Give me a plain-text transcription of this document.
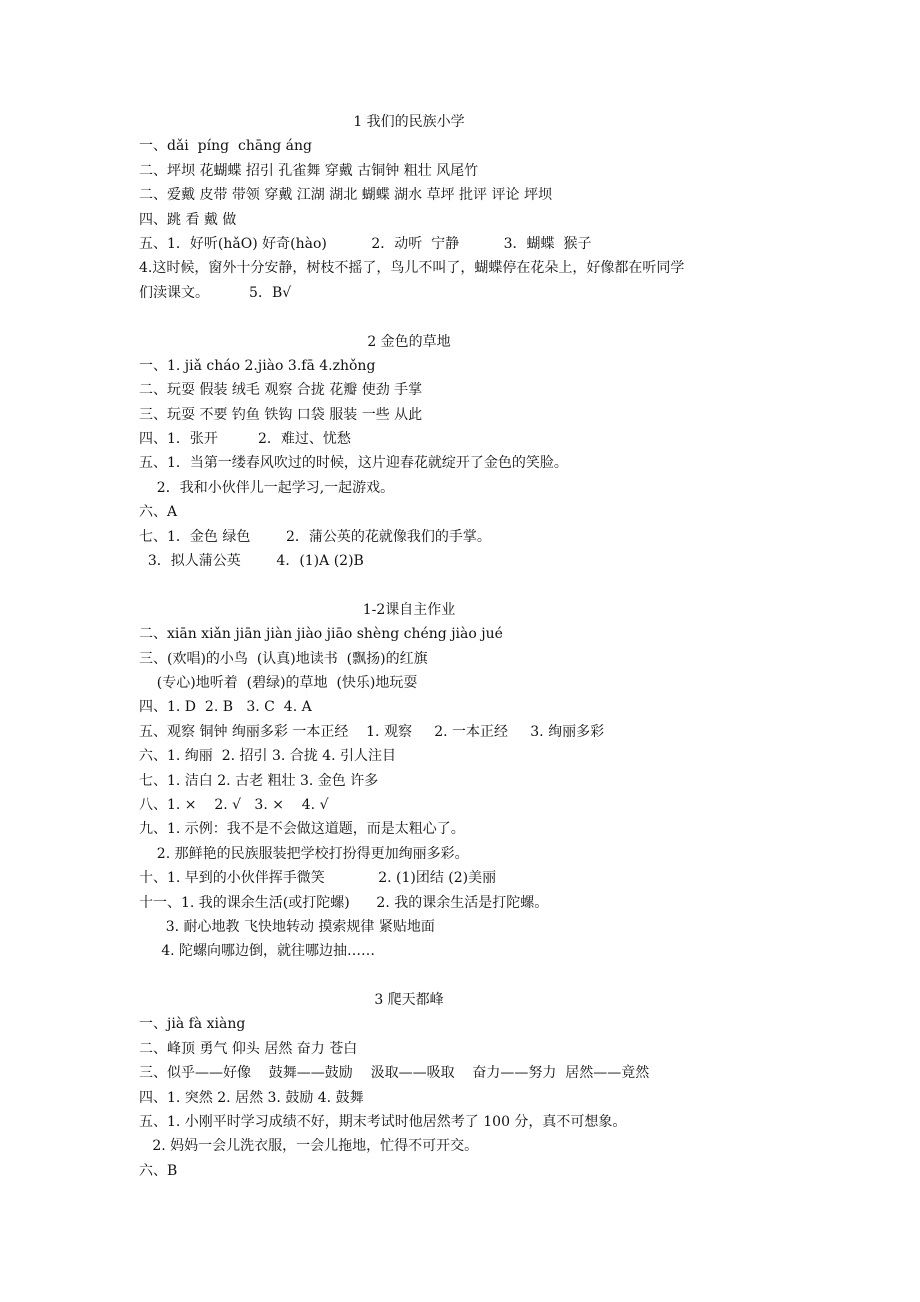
1 我们的民族小学
一、dǎi  píng  chāng áng
二、坪坝 花蝴蝶 招引 孔雀舞 穿戴 古铜钟 粗壮 风尾竹
二、爱戴 皮带 带领 穿戴 江湖 湖北 蝴蝶 湖水 草坪 批评 评论 坪坝
四、跳 看 戴 做
五、1．好听(hǎO) 好奇(hào)          2．动听  宁静          3．蝴蝶  猴子
4.这时候，窗外十分安静，树枝不摇了，鸟儿不叫了，蝴蝶停在花朵上，好像都在听同学
们渎课文。         5．B√
2 金色的草地
一、1. jiǎ cháo 2.jiào 3.fā 4.zhǒng
二、玩耍 假装 绒毛 观察 合拢 花瓣 使劲 手掌
三、玩耍 不要 钓鱼 铁钩 口袋 服装 一些 从此
四、1．张开         2．难过、忧愁
五、1．当第一缕春风吹过的时候，这片迎春花就绽开了金色的笑脸。
2．我和小伙伴儿一起学习,一起游戏。
六、A
七、1．金色 绿色        2．蒲公英的花就像我们的手掌。
3．拟人蒲公英        4．(1)A (2)B
1-2课自主作业
二、xiān xiǎn jiān jiàn jiào jiāo shèng chéng jiào jué
三、(欢唱)的小鸟  (认真)地读书  (飘扬)的红旗
(专心)地听着  (碧绿)的草地  (快乐)地玩耍
四、1. D  2. B   3. C  4. A
五、观察 铜钟 绚丽多彩 一本正经    1. 观察     2. 一本正经     3. 绚丽多彩
六、1. 绚丽  2. 招引 3. 合拢 4. 引人注目
七、1. 洁白 2. 古老 粗壮 3. 金色 许多
八、1. ×    2. √   3. ×    4. √
九、1. 示例：我不是不会做这道题，而是太粗心了。
2. 那鲜艳的民族服装把学校打扮得更加绚丽多彩。
十、1. 早到的小伙伴挥手微笑            2. (1)团结 (2)美丽
十一、1. 我的课余生活(或打陀螺)      2. 我的课余生活是打陀螺。
3. 耐心地教 飞快地转动 摸索规律 紧贴地面
4. 陀螺向哪边倒，就往哪边抽……
3 爬天都峰
一、jià fà xiàng
二、峰顶 勇气 仰头 居然 奋力 苍白
三、似乎——好像    鼓舞——鼓励    汲取——吸取    奋力——努力  居然——竟然
四、1. 突然 2. 居然 3. 鼓励 4. 鼓舞
五、1. 小刚平时学习成绩不好，期末考试时他居然考了 100 分，真不可想象。
2. 妈妈一会儿洗衣服，一会儿拖地，忙得不可开交。
六、B
